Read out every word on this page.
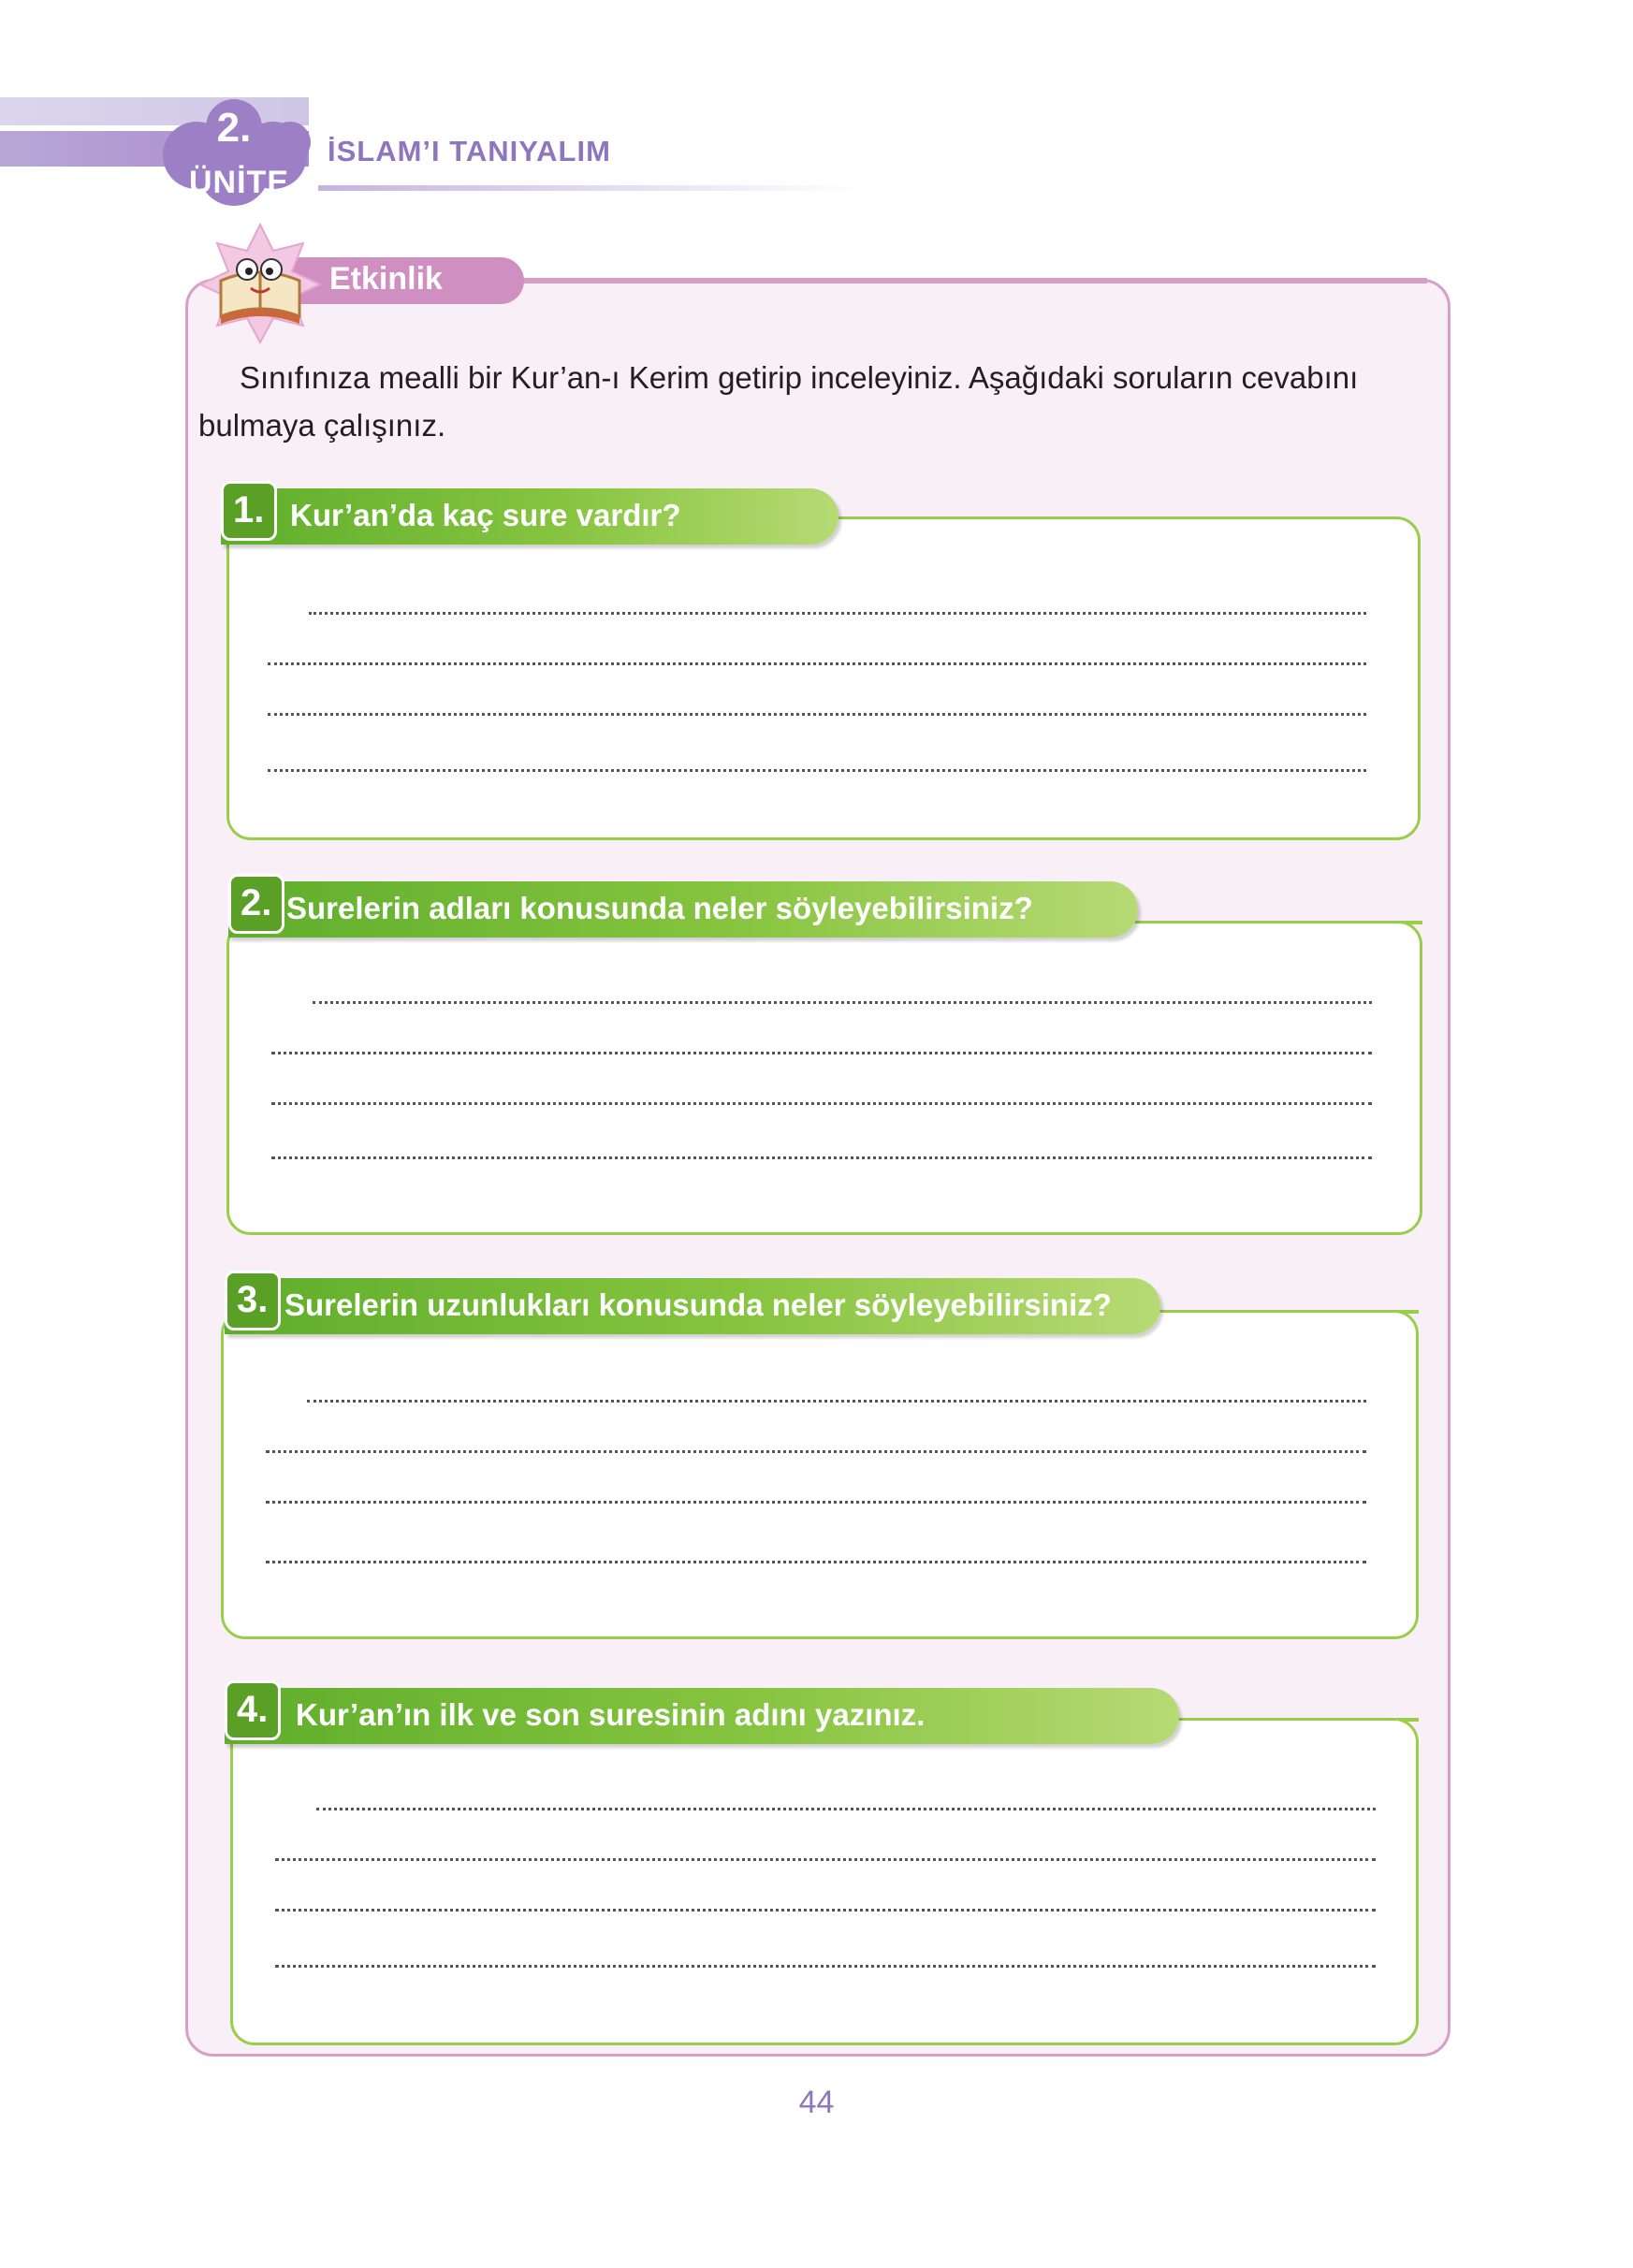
2.
ÜNİTE
İSLAM’I TANIYALIM
Etkinlik
Sınıfınıza mealli bir Kur’an-ı Kerim getirip inceleyiniz. Aşağıdaki soruların cevabını bulmaya çalışınız.
1. Kur’an’da kaç sure vardır?
2. Surelerin adları konusunda neler söyleyebilirsiniz?
3. Surelerin uzunlukları konusunda neler söyleyebilirsiniz?
4. Kur’an’ın ilk ve son suresinin adını yazınız.
44
